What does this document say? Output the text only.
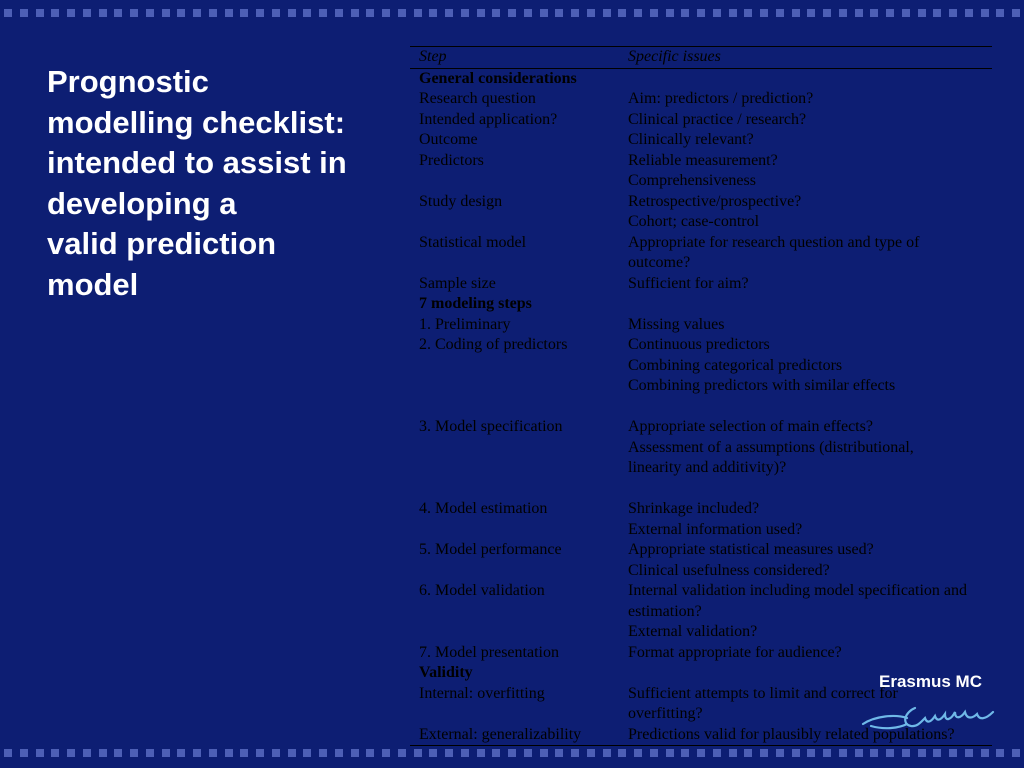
Prognostic
modelling checklist:
intended to assist in
developing a
valid prediction
model
Step	Specific issues
General considerations	
Research question	Aim: predictors / prediction?

Intended application?	Clinical practice / research?

Outcome	Clinically relevant?

Predictors	Reliable measurement?
Comprehensiveness

Study design	Retrospective/prospective?
Cohort; case-control

Statistical model	Appropriate for research question and type of
outcome?

Sample size	Sufficient for aim?

7 modeling steps	
1. Preliminary	Missing values

2. Coding of predictors	Continuous predictors
Combining categorical predictors
Combining predictors with similar effects

3. Model specification	Appropriate selection of main effects?
Assessment of a assumptions (distributional,
linearity and additivity)?

4. Model estimation	Shrinkage included?
External information used?

5. Model performance	Appropriate statistical measures used?
Clinical usefulness considered?

6. Model validation	Internal validation including model specification and
estimation?
External validation?

7. Model presentation	Format appropriate for audience?

Validity	
Internal: overfitting	Sufficient attempts to limit and correct for
overfitting?

External: generalizability	Predictions valid for plausibly related populations?
Erasmus MC
